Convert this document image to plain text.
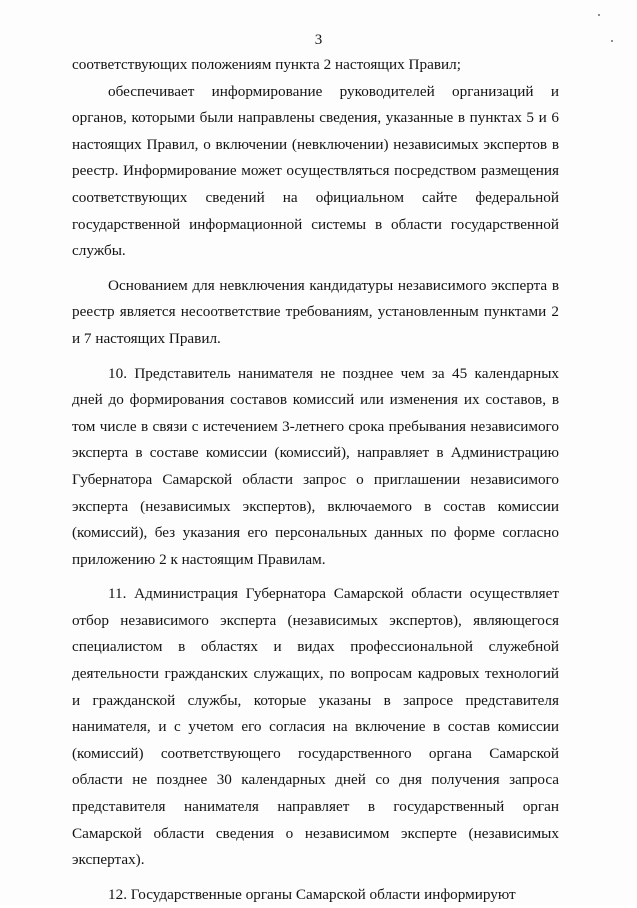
3

соответствующих положениям пункта 2 настоящих Правил;

обеспечивает информирование руководителей организаций и органов, которыми были направлены сведения, указанные в пунктах 5 и 6 настоящих Правил, о включении (невключении) независимых экспертов в реестр. Информирование может осуществляться посредством размещения соответствующих сведений на официальном сайте федеральной государственной информационной системы в области государственной службы.

Основанием для невключения кандидатуры независимого эксперта в реестр является несоответствие требованиям, установленным пунктами 2 и 7 настоящих Правил.

10. Представитель нанимателя не позднее чем за 45 календарных дней до формирования составов комиссий или изменения их составов, в том числе в связи с истечением 3-летнего срока пребывания независимого эксперта в составе комиссии (комиссий), направляет в Администрацию Губернатора Самарской области запрос о приглашении независимого эксперта (независимых экспертов), включаемого в состав комиссии (комиссий), без указания его персональных данных по форме согласно приложению 2 к настоящим Правилам.

11. Администрация Губернатора Самарской области осуществляет отбор независимого эксперта (независимых экспертов), являющегося специалистом в областях и видах профессиональной служебной деятельности гражданских служащих, по вопросам кадровых технологий и гражданской службы, которые указаны в запросе представителя нанимателя, и с учетом его согласия на включение в состав комиссии (комиссий) соответствующего государственного органа Самарской области не позднее 30 календарных дней со дня получения запроса представителя нанимателя направляет в государственный орган Самарской области сведения о независимом эксперте (независимых экспертах).

12. Государственные органы Самарской области информируют
